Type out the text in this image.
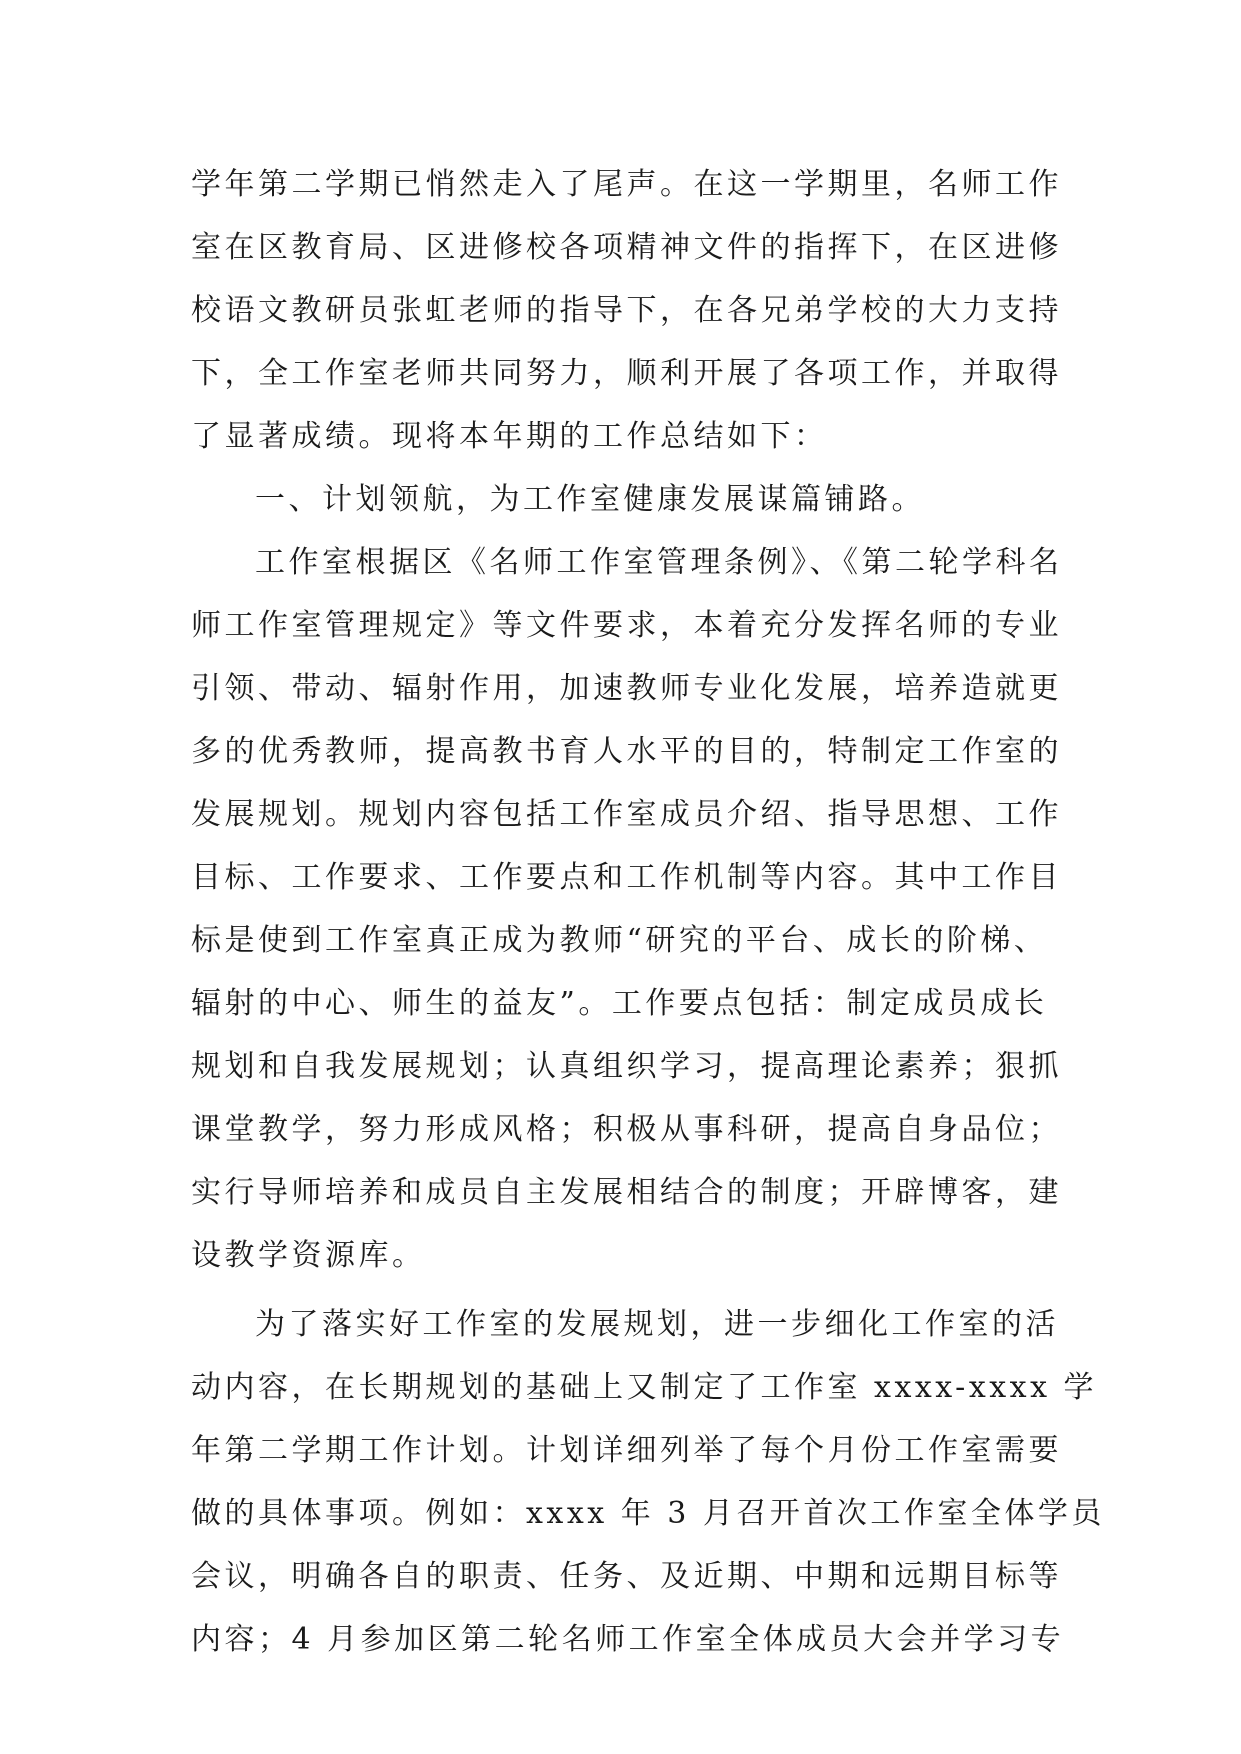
学年第二学期已悄然走入了尾声。在这一学期里，名师工作
室在区教育局、区进修校各项精神文件的指挥下，在区进修
校语文教研员张虹老师的指导下，在各兄弟学校的大力支持
下，全工作室老师共同努力，顺利开展了各项工作，并取得
了显著成绩。现将本年期的工作总结如下：
一、计划领航，为工作室健康发展谋篇铺路。
工作室根据区《名师工作室管理条例》、《第二轮学科名
师工作室管理规定》等文件要求，本着充分发挥名师的专业
引领、带动、辐射作用，加速教师专业化发展，培养造就更
多的优秀教师，提高教书育人水平的目的，特制定工作室的
发展规划。规划内容包括工作室成员介绍、指导思想、工作
目标、工作要求、工作要点和工作机制等内容。其中工作目
标是使到工作室真正成为教师“研究的平台、成长的阶梯、
辐射的中心、师生的益友”。工作要点包括：制定成员成长
规划和自我发展规划；认真组织学习，提高理论素养；狠抓
课堂教学，努力形成风格；积极从事科研，提高自身品位；
实行导师培养和成员自主发展相结合的制度；开辟博客，建
设教学资源库。
为了落实好工作室的发展规划，进一步细化工作室的活
动内容，在长期规划的基础上又制定了工作室 xxxx-xxxx 学
年第二学期工作计划。计划详细列举了每个月份工作室需要
做的具体事项。例如：xxxx 年 3 月召开首次工作室全体学员
会议，明确各自的职责、任务、及近期、中期和远期目标等
内容；4 月参加区第二轮名师工作室全体成员大会并学习专
